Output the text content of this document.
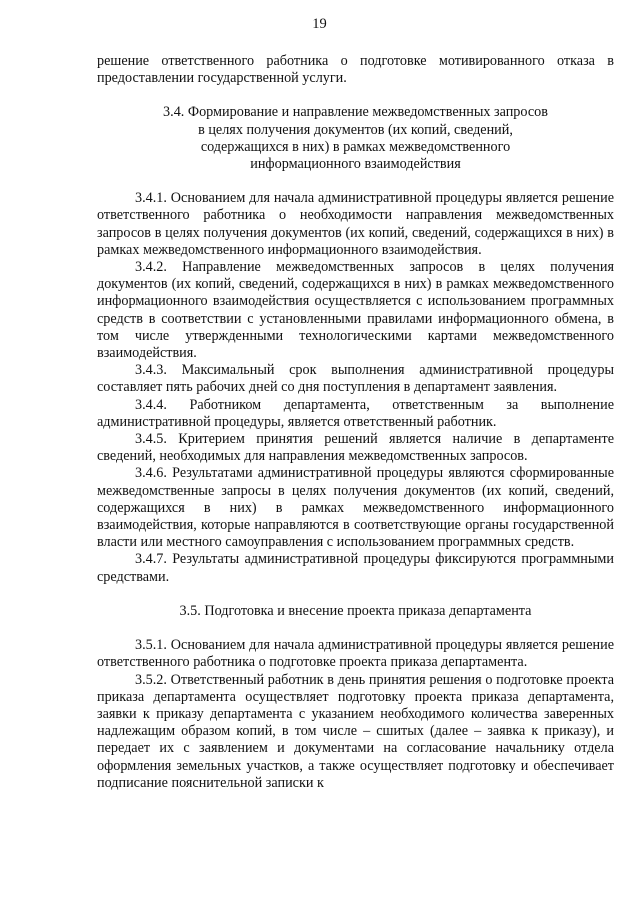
19

решение ответственного работника о подготовке мотивированного отказа в предоставлении государственной услуги.

3.4. Формирование и направление межведомственных запросов
в целях получения документов (их копий, сведений,
содержащихся в них) в рамках межведомственного
информационного взаимодействия

3.4.1. Основанием для начала административной процедуры является решение ответственного работника о необходимости направления межведомственных запросов в целях получения документов (их копий, сведений, содержащихся в них) в рамках межведомственного информационного взаимодействия.

3.4.2. Направление межведомственных запросов в целях получения документов (их копий, сведений, содержащихся в них) в рамках межведомственного информационного взаимодействия осуществляется с использованием программных средств в соответствии с установленными правилами информационного обмена, в том числе утвержденными технологическими картами межведомственного взаимодействия.

3.4.3. Максимальный срок выполнения административной процедуры составляет пять рабочих дней со дня поступления в департамент заявления.

3.4.4. Работником департамента, ответственным за выполнение административной процедуры, является ответственный работник.

3.4.5. Критерием принятия решений является наличие в департаменте сведений, необходимых для направления межведомственных запросов.

3.4.6. Результатами административной процедуры являются сформированные межведомственные запросы в целях получения документов (их копий, сведений, содержащихся в них) в рамках межведомственного информационного взаимодействия, которые направляются в соответствующие органы государственной власти или местного самоуправления с использованием программных средств.

3.4.7. Результаты административной процедуры фиксируются программными средствами.

3.5. Подготовка и внесение проекта приказа департамента

3.5.1. Основанием для начала административной процедуры является решение ответственного работника о подготовке проекта приказа департамента.

3.5.2. Ответственный работник в день принятия решения о подготовке проекта приказа департамента осуществляет подготовку проекта приказа департамента, заявки к приказу департамента с указанием необходимого количества заверенных надлежащим образом копий, в том числе – сшитых (далее – заявка к приказу), и передает их с заявлением и документами на согласование начальнику отдела оформления земельных участков, а также осуществляет подготовку и обеспечивает подписание пояснительной записки к
